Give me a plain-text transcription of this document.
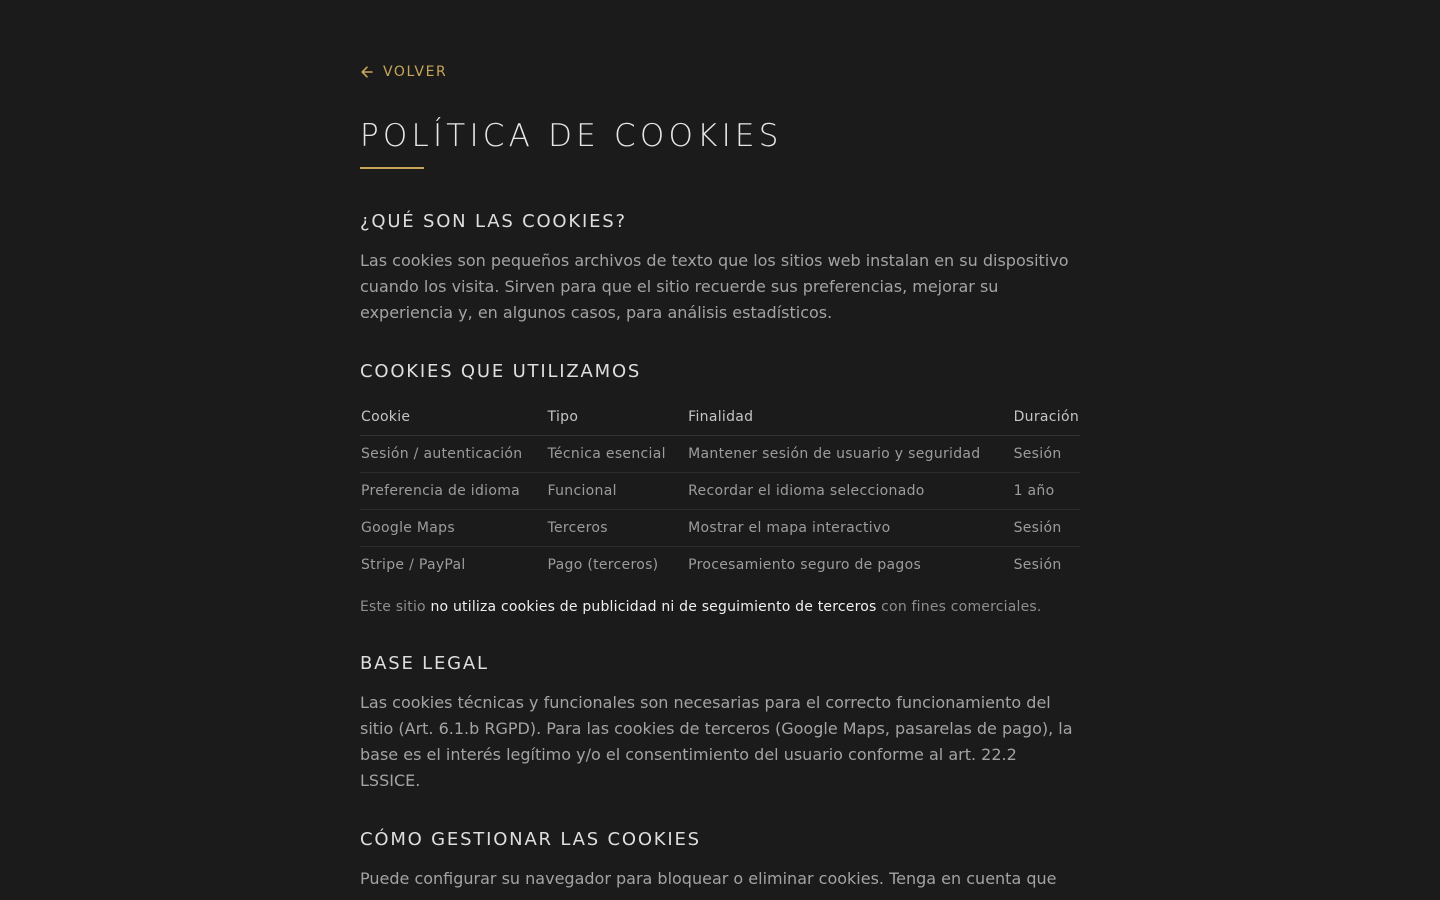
VOLVER
POLÍTICA DE COOKIES
¿QUÉ SON LAS COOKIES?

Las cookies son pequeños archivos de texto que los sitios web instalan en su dispositivo cuando los visita. Sirven para que el sitio recuerde sus preferencias, mejorar su experiencia y, en algunos casos, para análisis estadísticos.

COOKIES QUE UTILIZAMOS
Cookie	Tipo	Finalidad	Duración
Sesión / autenticación	Técnica esencial	Mantener sesión de usuario y seguridad	Sesión
Preferencia de idioma	Funcional	Recordar el idioma seleccionado	1 año
Google Maps	Terceros	Mostrar el mapa interactivo	Sesión
Stripe / PayPal	Pago (terceros)	Procesamiento seguro de pagos	Sesión

Este sitio no utiliza cookies de publicidad ni de seguimiento de terceros con fines comerciales.

BASE LEGAL

Las cookies técnicas y funcionales son necesarias para el correcto funcionamiento del sitio (Art. 6.1.b RGPD). Para las cookies de terceros (Google Maps, pasarelas de pago), la base es el interés legítimo y/o el consentimiento del usuario conforme al art. 22.2 LSSICE.

CÓMO GESTIONAR LAS COOKIES

Puede configurar su navegador para bloquear o eliminar cookies. Tenga en cuenta que
